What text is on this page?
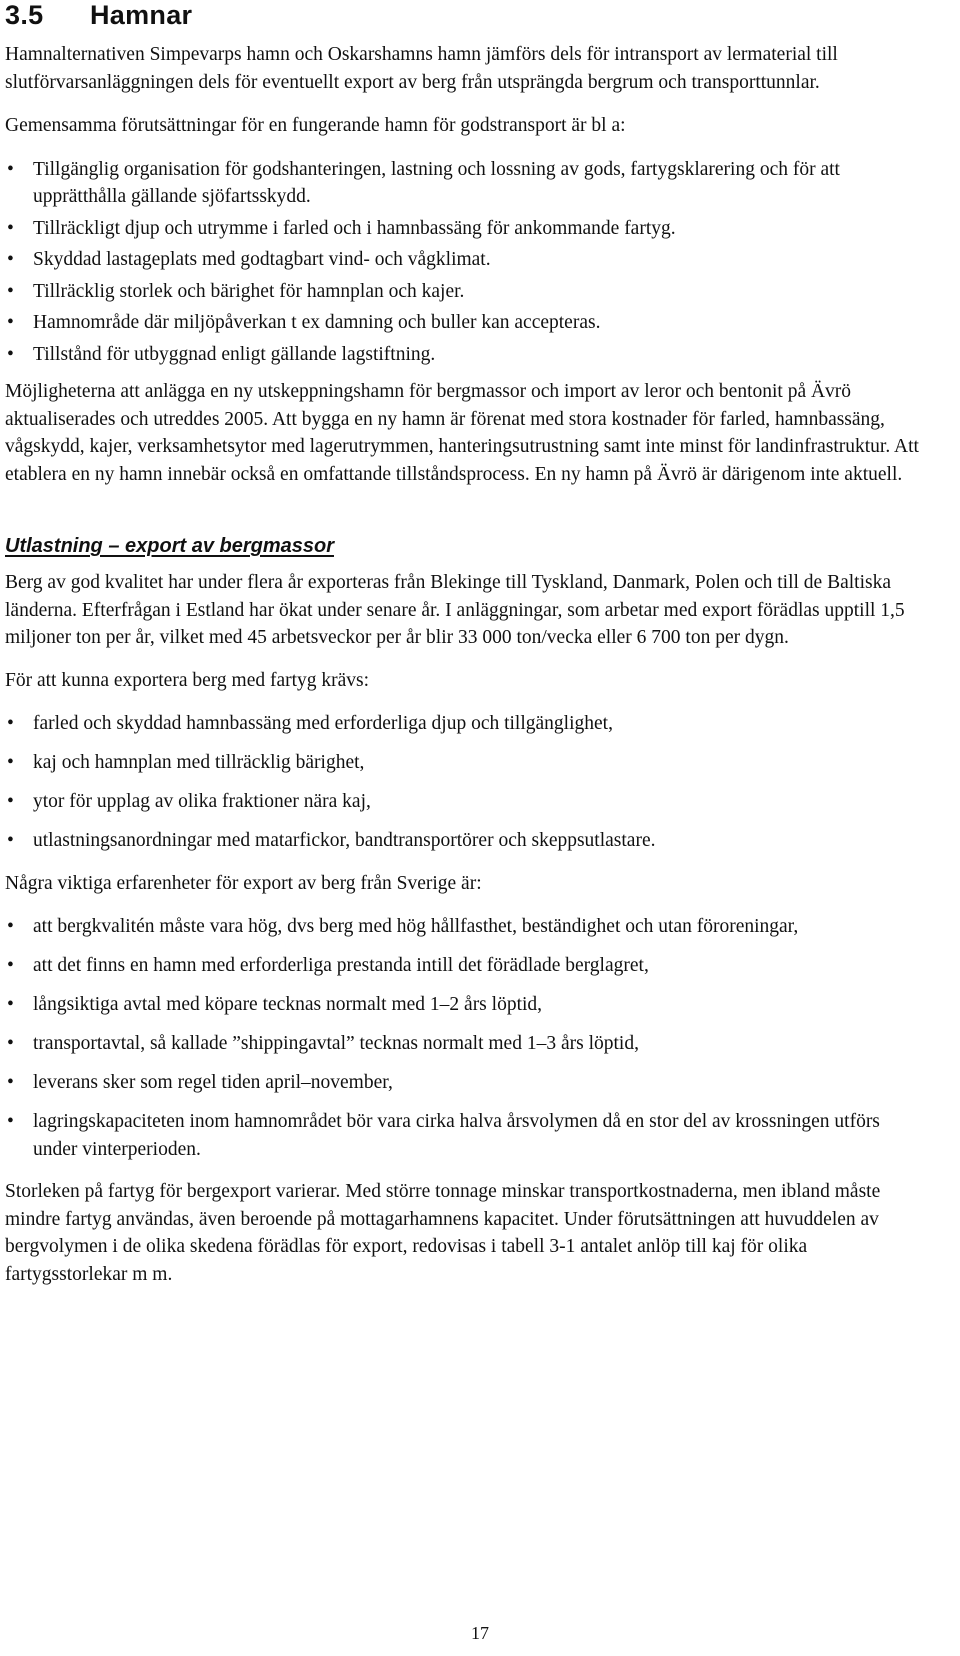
3.5 Hamnar

Hamnalternativen Simpevarps hamn och Oskarshamns hamn jämförs dels för intransport av lermaterial till slutförvarsanläggningen dels för eventuellt export av berg från utsprängda bergrum och transporttunnlar.

Gemensamma förutsättningar för en fungerande hamn för godstransport är bl a:

• Tillgänglig organisation för godshanteringen, lastning och lossning av gods, fartygsklarering och för att upprätthålla gällande sjöfartsskydd.
• Tillräckligt djup och utrymme i farled och i hamnbassäng för ankommande fartyg.
• Skyddad lastageplats med godtagbart vind- och vågklimat.
• Tillräcklig storlek och bärighet för hamnplan och kajer.
• Hamnområde där miljöpåverkan t ex damning och buller kan accepteras.
• Tillstånd för utbyggnad enligt gällande lagstiftning.

Möjligheterna att anlägga en ny utskeppningshamn för bergmassor och import av leror och bentonit på Ävrö aktualiserades och utreddes 2005. Att bygga en ny hamn är förenat med stora kostnader för farled, hamnbassäng, vågskydd, kajer, verksamhetsytor med lagerutrymmen, hanteringsutrustning samt inte minst för landinfrastruktur. Att etablera en ny hamn innebär också en omfattande tillståndsprocess. En ny hamn på Ävrö är därigenom inte aktuell.

Utlastning – export av bergmassor

Berg av god kvalitet har under flera år exporteras från Blekinge till Tyskland, Danmark, Polen och till de Baltiska länderna. Efterfrågan i Estland har ökat under senare år. I anläggningar, som arbetar med export förädlas upptill 1,5 miljoner ton per år, vilket med 45 arbetsveckor per år blir 33 000 ton/vecka eller 6 700 ton per dygn.

För att kunna exportera berg med fartyg krävs:

• farled och skyddad hamnbassäng med erforderliga djup och tillgänglighet,
• kaj och hamnplan med tillräcklig bärighet,
• ytor för upplag av olika fraktioner nära kaj,
• utlastningsanordningar med matarfickor, bandtransportörer och skeppsutlastare.

Några viktiga erfarenheter för export av berg från Sverige är:

• att bergkvalitén måste vara hög, dvs berg med hög hållfasthet, beständighet och utan föroreningar,
• att det finns en hamn med erforderliga prestanda intill det förädlade berglagret,
• långsiktiga avtal med köpare tecknas normalt med 1–2 års löptid,
• transportavtal, så kallade ”shippingavtal” tecknas normalt med 1–3 års löptid,
• leverans sker som regel tiden april–november,
• lagringskapaciteten inom hamnområdet bör vara cirka halva årsvolymen då en stor del av krossningen utförs under vinterperioden.

Storleken på fartyg för bergexport varierar. Med större tonnage minskar transportkostnaderna, men ibland måste mindre fartyg användas, även beroende på mottagarhamnens kapacitet. Under förutsättningen att huvuddelen av bergvolymen i de olika skedena förädlas för export, redovisas i tabell 3-1 antalet anlöp till kaj för olika fartygsstorlekar m m.

17
